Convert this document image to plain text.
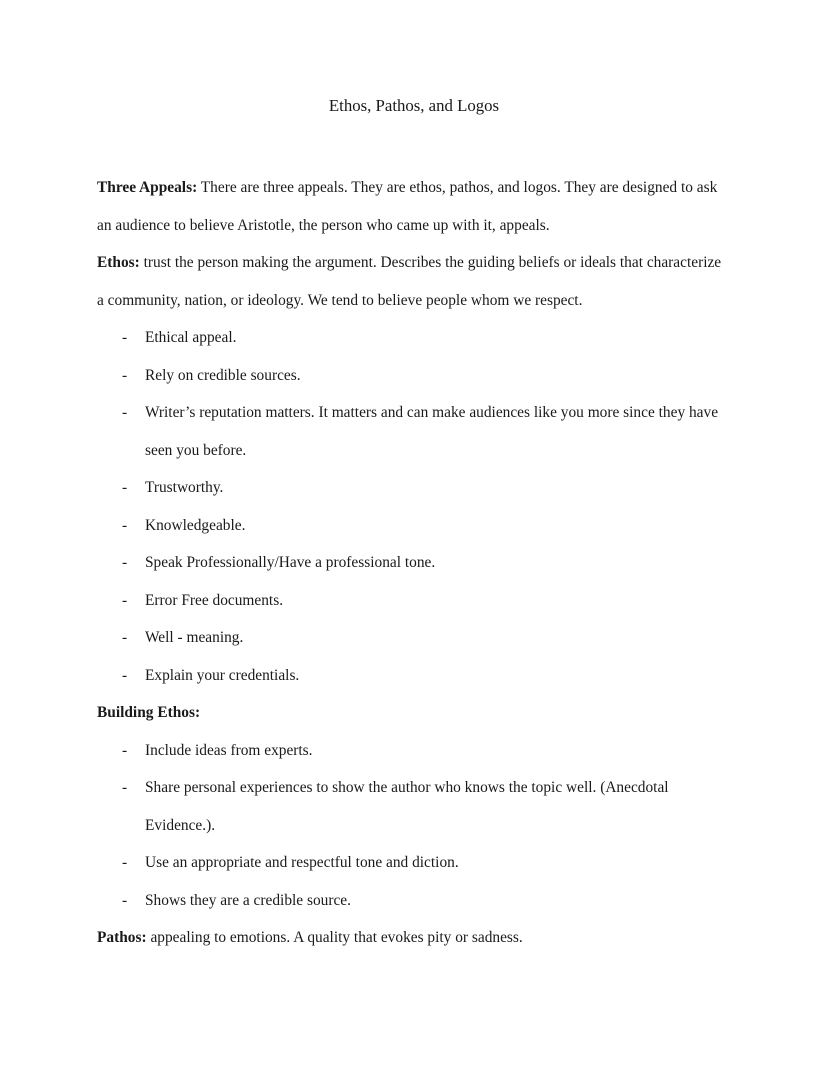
Ethos, Pathos, and Logos

Three Appeals: There are three appeals. They are ethos, pathos, and logos. They are designed to ask an audience to believe Aristotle, the person who came up with it, appeals.

Ethos: trust the person making the argument. Describes the guiding beliefs or ideals that characterize a community, nation, or ideology. We tend to believe people whom we respect.

- Ethical appeal.
- Rely on credible sources.
- Writer’s reputation matters. It matters and can make audiences like you more since they have seen you before.
- Trustworthy.
- Knowledgeable.
- Speak Professionally/Have a professional tone.
- Error Free documents.
- Well - meaning.
- Explain your credentials.

Building Ethos:

- Include ideas from experts.
- Share personal experiences to show the author who knows the topic well. (Anecdotal Evidence.).
- Use an appropriate and respectful tone and diction.
- Shows they are a credible source.

Pathos: appealing to emotions. A quality that evokes pity or sadness.
